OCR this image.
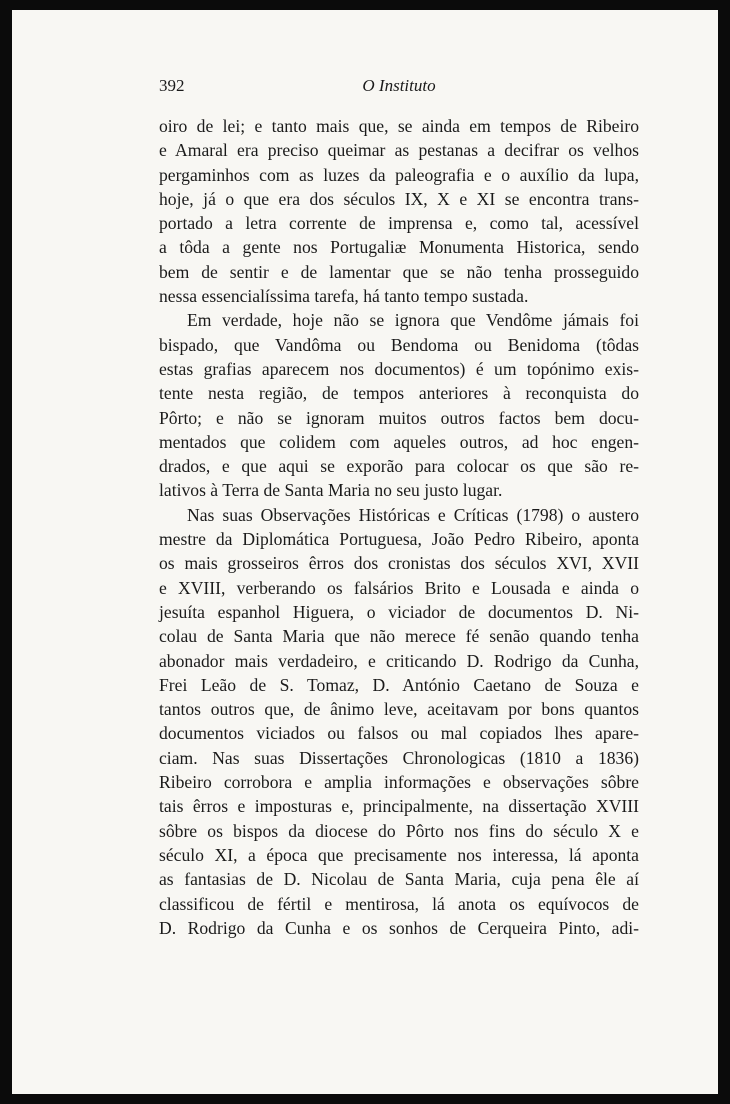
392	O Instituto
oiro de lei; e tanto mais que, se ainda em tempos de Ribeiro
e Amaral era preciso queimar as pestanas a decifrar os velhos
pergaminhos com as luzes da paleografia e o auxílio da lupa,
hoje, já o que era dos séculos IX, X e XI se encontra trans-
portado a letra corrente de imprensa e, como tal, acessível
a tôda a gente nos Portugaliæ Monumenta Historica, sendo
bem de sentir e de lamentar que se não tenha prosseguido
nessa essencialíssima tarefa, há tanto tempo sustada.
Em verdade, hoje não se ignora que Vendôme jámais foi
bispado, que Vandôma ou Bendoma ou Benidoma (tôdas
estas grafias aparecem nos documentos) é um topónimo exis-
tente nesta região, de tempos anteriores à reconquista do
Pôrto; e não se ignoram muitos outros factos bem docu-
mentados que colidem com aqueles outros, ad hoc engen-
drados, e que aqui se exporão para colocar os que são re-
lativos à Terra de Santa Maria no seu justo lugar.
Nas suas Observações Históricas e Críticas (1798) o austero
mestre da Diplomática Portuguesa, João Pedro Ribeiro, aponta
os mais grosseiros êrros dos cronistas dos séculos XVI, XVII
e XVIII, verberando os falsários Brito e Lousada e ainda o
jesuíta espanhol Higuera, o viciador de documentos D. Ni-
colau de Santa Maria que não merece fé senão quando tenha
abonador mais verdadeiro, e criticando D. Rodrigo da Cunha,
Frei Leão de S. Tomaz, D. António Caetano de Souza e
tantos outros que, de ânimo leve, aceitavam por bons quantos
documentos viciados ou falsos ou mal copiados lhes apare-
ciam. Nas suas Dissertações Chronologicas (1810 a 1836)
Ribeiro corrobora e amplia informações e observações sôbre
tais êrros e imposturas e, principalmente, na dissertação XVIII
sôbre os bispos da diocese do Pôrto nos fins do século X e
século XI, a época que precisamente nos interessa, lá aponta
as fantasias de D. Nicolau de Santa Maria, cuja pena êle aí
classificou de fértil e mentirosa, lá anota os equívocos de
D. Rodrigo da Cunha e os sonhos de Cerqueira Pinto, adi-
